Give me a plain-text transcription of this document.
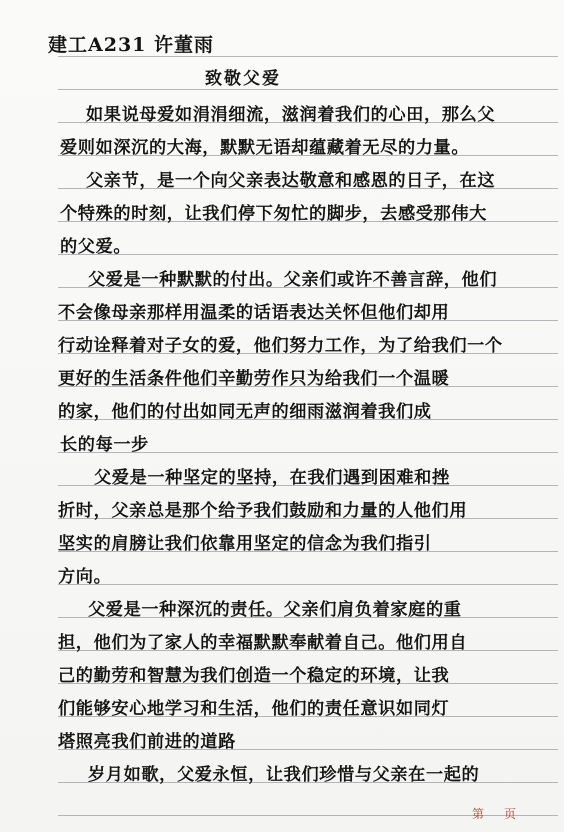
建工A231 许董雨
致敬父爱
如果说母爱如涓涓细流，滋润着我们的心田，那么父
爱则如深沉的大海，默默无语却蕴藏着无尽的力量。
父亲节，是一个向父亲表达敬意和感恩的日子，在这
个特殊的时刻，让我们停下匆忙的脚步，去感受那伟大
的父爱。
父爱是一种默默的付出。父亲们或许不善言辞，他们
不会像母亲那样用温柔的话语表达关怀但他们却用
行动诠释着对子女的爱，他们努力工作，为了给我们一个
更好的生活条件他们辛勤劳作只为给我们一个温暖
的家，他们的付出如同无声的细雨滋润着我们成
长的每一步
父爱是一种坚定的坚持，在我们遇到困难和挫
折时，父亲总是那个给予我们鼓励和力量的人他们用
坚实的肩膀让我们依靠用坚定的信念为我们指引
方向。
父爱是一种深沉的责任。父亲们肩负着家庭的重
担，他们为了家人的幸福默默奉献着自己。他们用自
己的勤劳和智慧为我们创造一个稳定的环境，让我
们能够安心地学习和生活，他们的责任意识如同灯
塔照亮我们前进的道路
岁月如歌，父爱永恒，让我们珍惜与父亲在一起的
第 页
